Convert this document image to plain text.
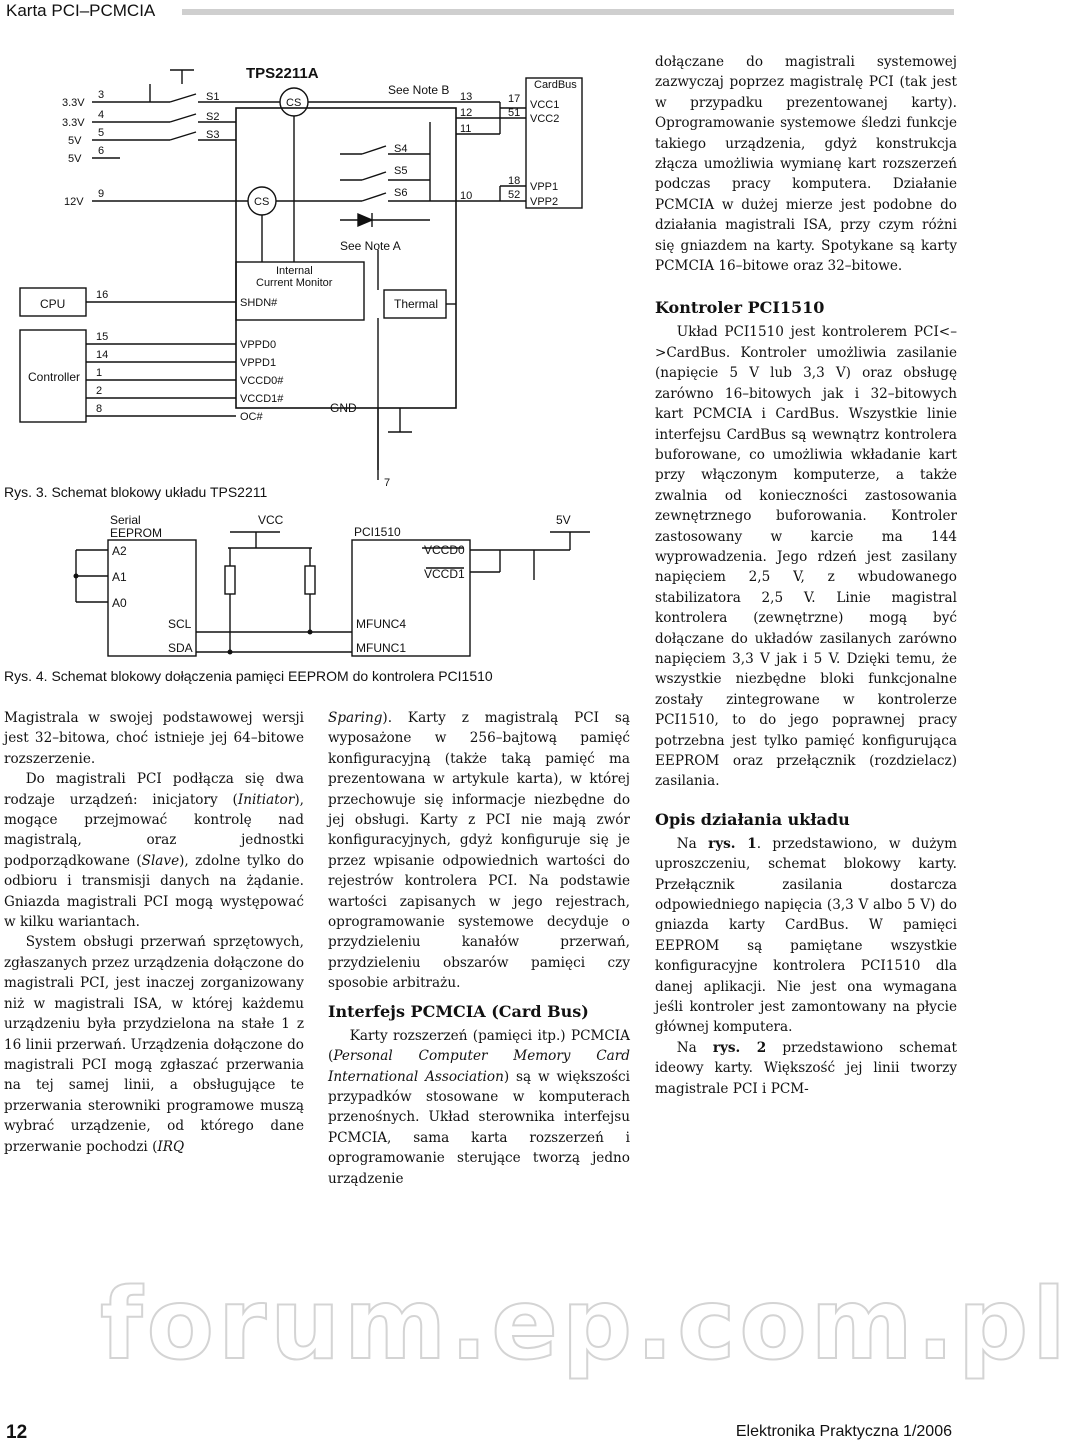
Karta PCI–PCMCIA
TPS2211A
See Note B
See Note A
CardBus
CS
CS
CPU
Controller
Internal
Current Monitor
Thermal
GND
3.3V
3.3V
5V
5V
12V
3
4
5
6
9
S1
S2
S3
S4
S5
S6
13
12
11
10
17
51
18
52
VCC1
VCC2
VPP1
VPP2
16
SHDN#
15
14
1
2
8
VPPD0
VPPD1
VCCD0#
VCCD1#
OC#
7
Rys. 3. Schemat blokowy układu TPS2211
Serial
EEPROM
A2
A1
A0
SCL
SDA
VCC
PCI1510
5V
VCCD0
VCCD1
MFUNC4
MFUNC1
Rys. 4. Schemat blokowy dołączenia pamięci EEPROM do kontrolera PCI1510

Magistrala w swojej podstawowej wersji jest 32–bitowa, choć istnieje jej 64–bitowe rozszerzenie.

Do magistrali PCI podłącza się dwa rodzaje urządzeń: inicjatory (Initiator), mogące przejmować kontrolę nad magistralą, oraz jednostki podporządkowane (Slave), zdolne tylko do odbioru i transmisji danych na żądanie. Gniazda magistrali PCI mogą występować w kilku wariantach.

System obsługi przerwań sprzętowych, zgłaszanych przez urządzenia dołączone do magistrali PCI, jest inaczej zorganizowany niż w magistrali ISA, w której każdemu urządzeniu była przydzielona na stałe 1 z 16 linii przerwań. Urządzenia dołączone do magistrali PCI mogą zgłaszać przerwania na tej samej linii, a obsługujące te przerwania sterowniki programowe muszą wybrać urządzenie, od którego dane przerwanie pochodzi (IRQ

Sparing). Karty z magistralą PCI są wyposażone w 256–bajtową pamięć konfiguracyjną (także taką pamięć ma prezentowana w artykule karta), w której przechowuje się informacje niezbędne do jej obsługi. Karty z PCI nie mają zwór konfiguracyjnych, gdyż konfiguruje się je przez wpisanie odpowiednich wartości do rejestrów kontrolera PCI. Na podstawie wartości zapisanych w jego rejestrach, oprogramowanie systemowe decyduje o przydzieleniu kanałów przerwań, przydzieleniu obszarów pamięci czy sposobie arbitrażu.

Interfejs PCMCIA (Card Bus)

Karty rozszerzeń (pamięci itp.) PCMCIA (Personal Computer Memory Card International Association) są w większości przypadków stosowane w komputerach przenośnych. Układ sterownika interfejsu PCMCIA, sama karta rozszerzeń i oprogramowanie sterujące tworzą jedno urządzenie

dołączane do magistrali systemowej zazwyczaj poprzez magistralę PCI (tak jest w przypadku prezentowanej karty). Oprogramowanie systemowe śledzi funkcje takiego urządzenia, gdyż konstrukcja złącza umożliwia wymianę kart rozszerzeń podczas pracy komputera. Działanie PCMCIA w dużej mierze jest podobne do działania magistrali ISA, przy czym różni się gniazdem na karty. Spotykane są karty PCMCIA 16–bitowe oraz 32–bitowe.

Kontroler PCI1510

Układ PCI1510 jest kontrolerem PCI<–>CardBus. Kontroler umożliwia zasilanie (napięcie 5 V lub 3,3 V) oraz obsługę zarówno 16–bitowych jak i 32–bitowych kart PCMCIA i CardBus. Wszystkie linie interfejsu CardBus są wewnątrz kontrolera buforowane, co umożliwia wkładanie kart przy włączonym komputerze, a także zwalnia od konieczności zastosowania zewnętrznego buforowania. Kontroler zastosowany w karcie ma 144 wyprowadzenia. Jego rdzeń jest zasilany napięciem 2,5 V, z wbudowanego stabilizatora 2,5 V. Linie magistral kontrolera (zewnętrzne) mogą być dołączane do układów zasilanych zarówno napięciem 3,3 V jak i 5 V. Dzięki temu, że wszystkie niezbędne bloki funkcjonalne zostały zintegrowane w kontrolerze PCI1510, to do jego poprawnej pracy potrzebna jest tylko pamięć konfigurująca EEPROM oraz przełącznik (rozdzielacz) zasilania.

Opis działania układu

Na rys. 1. przedstawiono, w dużym uproszczeniu, schemat blokowy karty. Przełącznik zasilania dostarcza odpowiedniego napięcia (3,3 V albo 5 V) do gniazda karty CardBus. W pamięci EEPROM są pamiętane wszystkie konfiguracyjne kontrolera PCI1510 dla danej aplikacji. Nie jest ona wymagana jeśli kontroler jest zamontowany na płycie głównej komputera.

Na rys. 2 przedstawiono schemat ideowy karty. Większość jej linii tworzy magistrale PCI i PCM-

forum.ep.com.pl
12	Elektronika Praktyczna 1/2006
